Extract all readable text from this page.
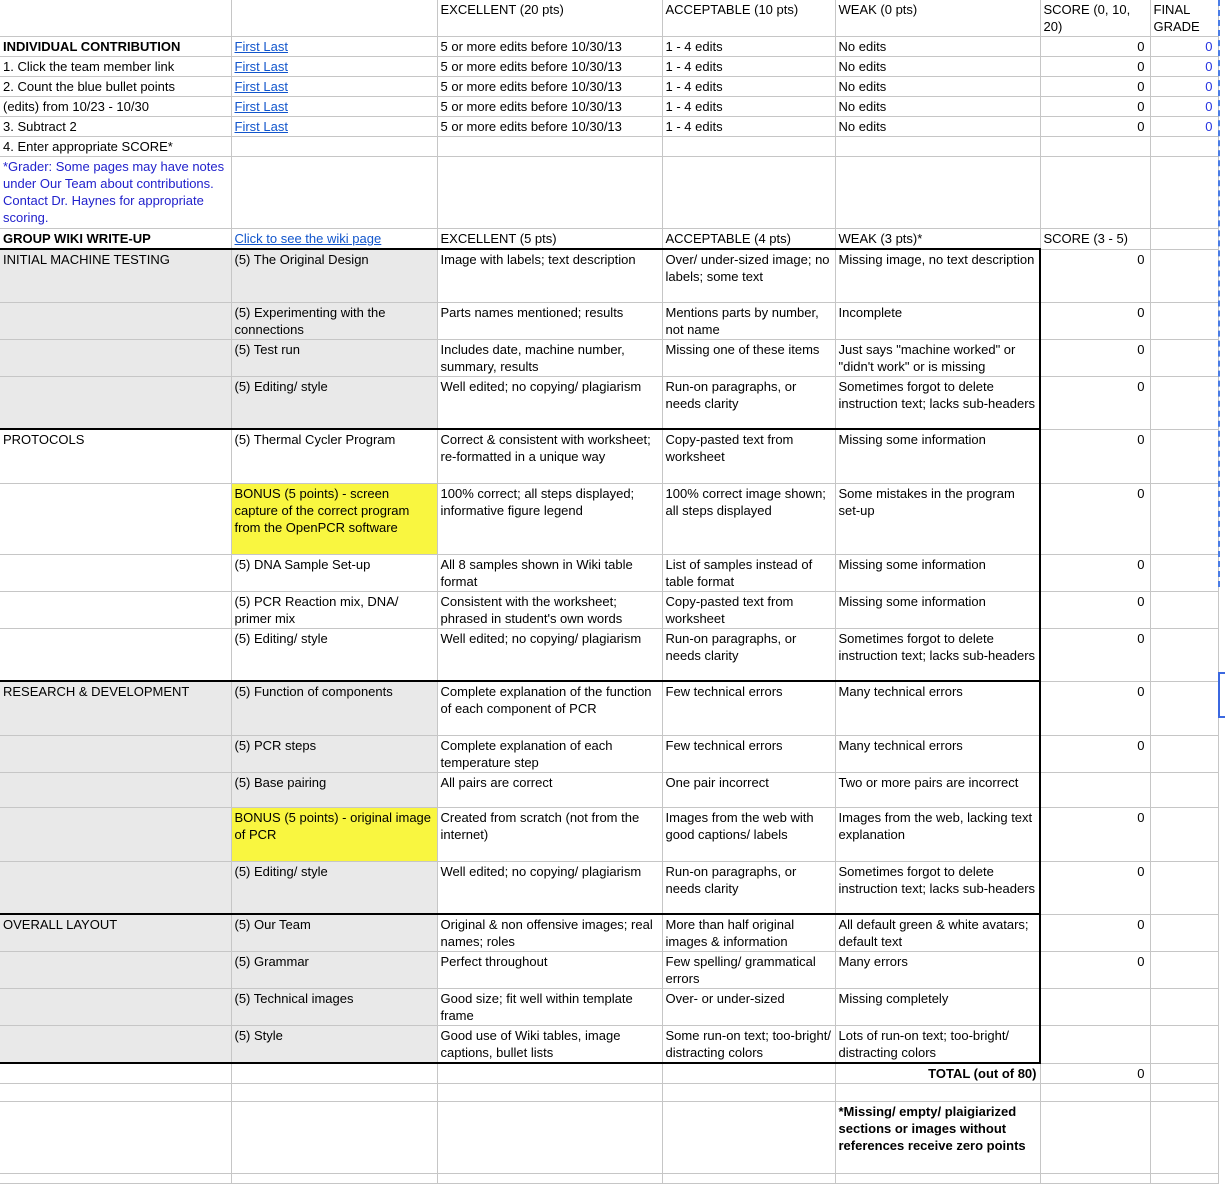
		EXCELLENT (20 pts)	ACCEPTABLE (10 pts)	WEAK (0 pts)	SCORE (0, 10, 20)	FINAL GRADE
INDIVIDUAL CONTRIBUTION	First Last	5 or more edits before 10/30/13	1 - 4 edits	No edits	0	0
1. Click the team member link	First Last	5 or more edits before 10/30/13	1 - 4 edits	No edits	0	0
2. Count the blue bullet points	First Last	5 or more edits before 10/30/13	1 - 4 edits	No edits	0	0
(edits) from 10/23 - 10/30	First Last	5 or more edits before 10/30/13	1 - 4 edits	No edits	0	0
3. Subtract 2	First Last	5 or more edits before 10/30/13	1 - 4 edits	No edits	0	0
4. Enter appropriate SCORE*						
*Grader: Some pages may have notes under Our Team about contributions. Contact Dr. Haynes for appropriate scoring.						
GROUP WIKI WRITE-UP	Click to see the wiki page	EXCELLENT (5 pts)	ACCEPTABLE (4 pts)	WEAK (3 pts)*	SCORE (3 - 5)	
INITIAL MACHINE TESTING	(5) The Original Design	Image with labels; text description	Over/ under-sized image; no labels; some text	Missing image, no text description	0	
	(5) Experimenting with the connections	Parts names mentioned; results	Mentions parts by number, not name	Incomplete	0	
	(5) Test run	Includes date, machine number, summary, results	Missing one of these items	Just says "machine worked" or "didn't work" or is missing	0	
	(5) Editing/ style	Well edited; no copying/ plagiarism	Run-on paragraphs, or needs clarity	Sometimes forgot to delete instruction text; lacks sub-headers	0	
PROTOCOLS	(5) Thermal Cycler Program	Correct & consistent with worksheet; re-formatted in a unique way	Copy-pasted text from worksheet	Missing some information	0	
	BONUS (5 points) - screen capture of the correct program from the OpenPCR software	100% correct; all steps displayed; informative figure legend	100% correct image shown; all steps displayed	Some mistakes in the program set-up	0	
	(5) DNA Sample Set-up	All 8 samples shown in Wiki table format	List of samples instead of table format	Missing some information	0	
	(5) PCR Reaction mix, DNA/ primer mix	Consistent with the worksheet; phrased in student's own words	Copy-pasted text from worksheet	Missing some information	0	
	(5) Editing/ style	Well edited; no copying/ plagiarism	Run-on paragraphs, or needs clarity	Sometimes forgot to delete instruction text; lacks sub-headers	0	
RESEARCH & DEVELOPMENT	(5) Function of components	Complete explanation of the function of each component of PCR	Few technical errors	Many technical errors	0	
	(5) PCR steps	Complete explanation of each temperature step	Few technical errors	Many technical errors	0	
	(5) Base pairing	All pairs are correct	One pair incorrect	Two or more pairs are incorrect		
	BONUS (5 points) - original image of PCR	Created from scratch (not from the internet)	Images from the web with good captions/ labels	Images from the web, lacking text explanation	0	
	(5) Editing/ style	Well edited; no copying/ plagiarism	Run-on paragraphs, or needs clarity	Sometimes forgot to delete instruction text; lacks sub-headers	0	
OVERALL LAYOUT	(5) Our Team	Original & non offensive images; real names; roles	More than half original images & information	All default green & white avatars; default text	0	
	(5) Grammar	Perfect throughout	Few spelling/ grammatical errors	Many errors	0	
	(5) Technical images	Good size; fit well within template frame	Over- or under-sized	Missing completely		
	(5) Style	Good use of Wiki tables, image captions, bullet lists	Some run-on text; too-bright/ distracting colors	Lots of run-on text; too-bright/ distracting colors		
				TOTAL (out of 80)	0	

				*Missing/ empty/ plaigiarized sections or images without references receive zero points		
